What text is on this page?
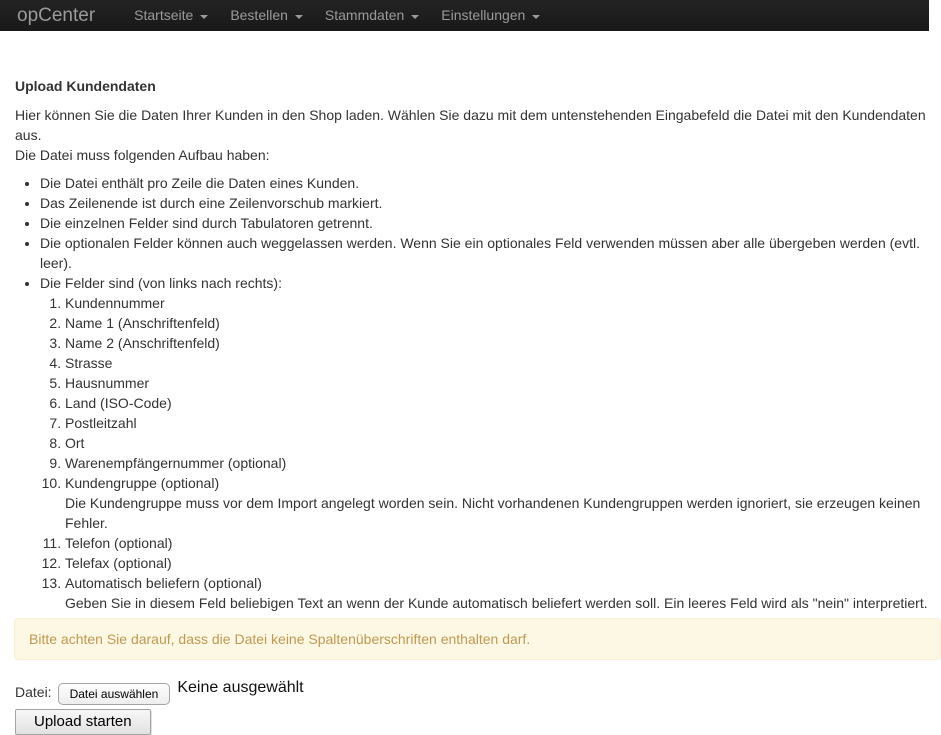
opCenter	Startseite	Bestellen	Stammdaten	Einstellungen
Upload Kundendaten

Hier können Sie die Daten Ihrer Kunden in den Shop laden. Wählen Sie dazu mit dem untenstehenden Eingabefeld die Datei mit den Kundendaten aus.
Die Datei muss folgenden Aufbau haben:

• Die Datei enthält pro Zeile die Daten eines Kunden.
• Das Zeilenende ist durch eine Zeilenvorschub markiert.
• Die einzelnen Felder sind durch Tabulatoren getrennt.
• Die optionalen Felder können auch weggelassen werden. Wenn Sie ein optionales Feld verwenden müssen aber alle übergeben werden (evtl. leer).
• Die Felder sind (von links nach rechts):
1. Kundennummer
2. Name 1 (Anschriftenfeld)
3. Name 2 (Anschriftenfeld)
4. Strasse
5. Hausnummer
6. Land (ISO-Code)
7. Postleitzahl
8. Ort
9. Warenempfängernummer (optional)
10. Kundengruppe (optional)
Die Kundengruppe muss vor dem Import angelegt worden sein. Nicht vorhandenen Kundengruppen werden ignoriert, sie erzeugen keinen Fehler.
11. Telefon (optional)
12. Telefax (optional)
13. Automatisch beliefern (optional)
Geben Sie in diesem Feld beliebigen Text an wenn der Kunde automatisch beliefert werden soll. Ein leeres Feld wird als "nein" interpretiert.
Bitte achten Sie darauf, dass die Datei keine Spaltenüberschriften enthalten darf.
Datei:	Datei auswählen	Keine ausgewählt
Upload starten
